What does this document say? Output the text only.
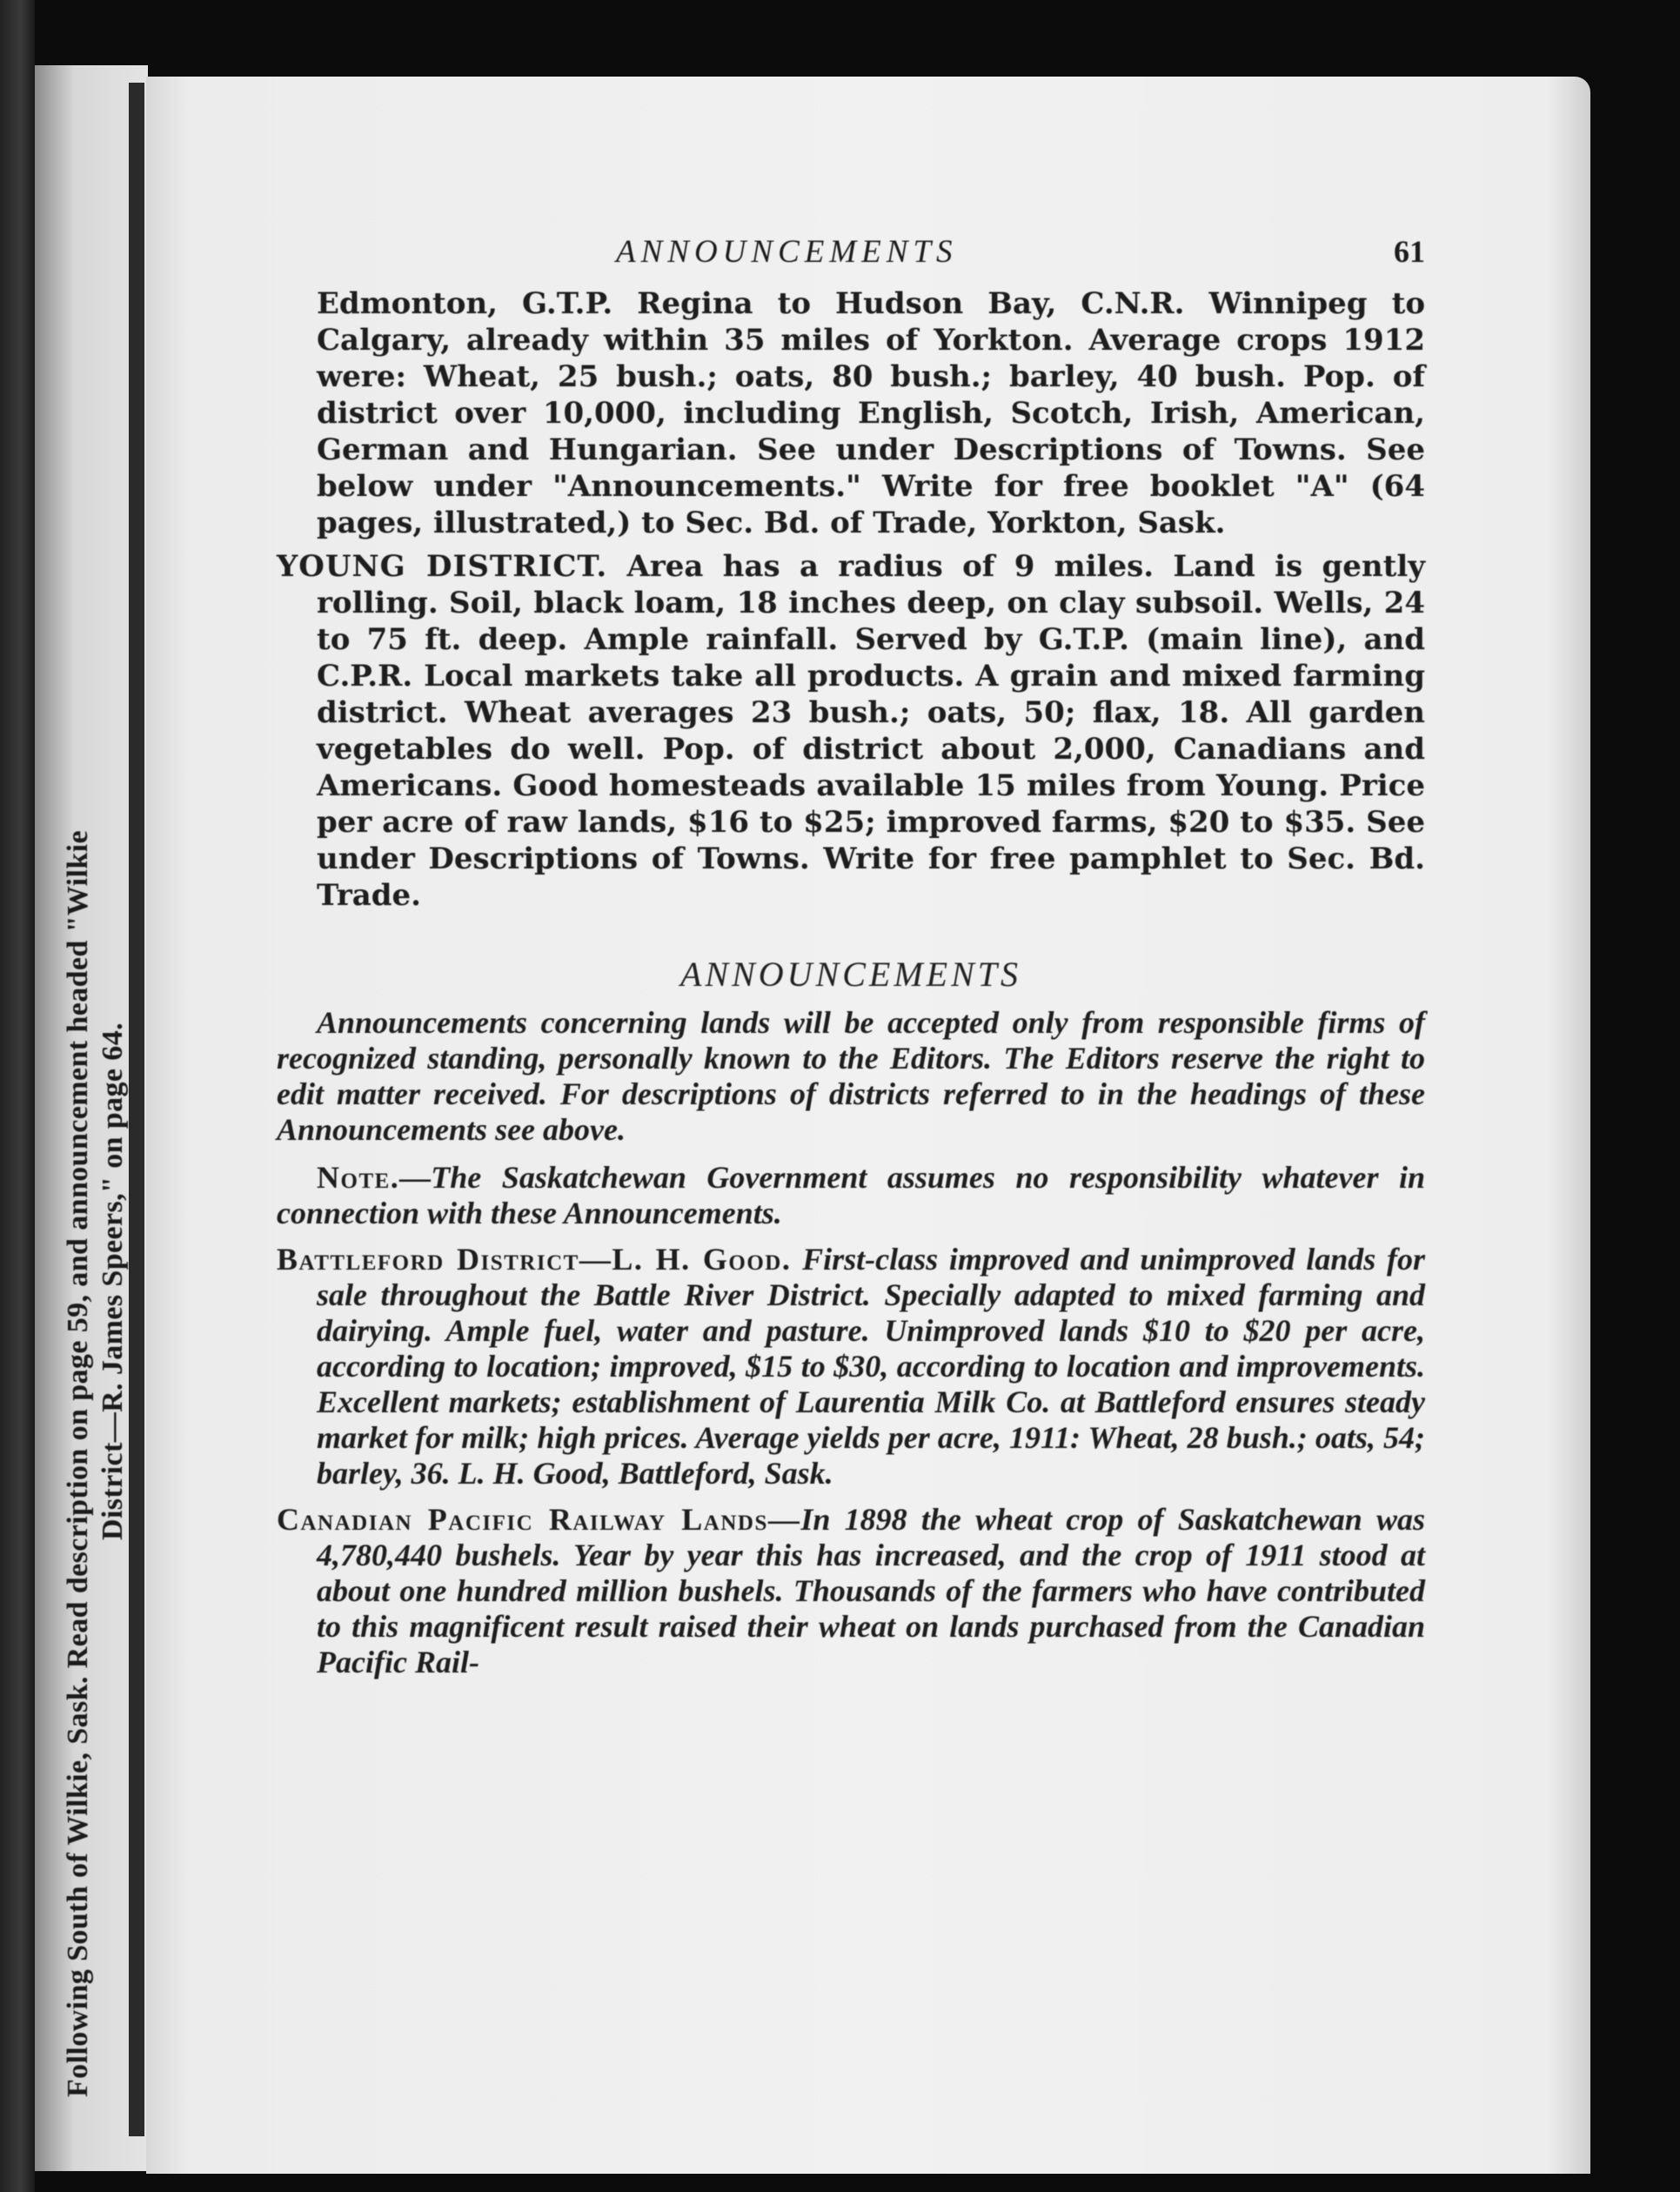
Following South of Wilkie, Sask. Read description on page 59, and announcement headed "Wilkie District—R. James Speers," on page 64.
ANNOUNCEMENTS	61

Edmonton, G.T.P. Regina to Hudson Bay, C.N.R. Winnipeg to Calgary, already within 35 miles of Yorkton. Average crops 1912 were: Wheat, 25 bush.; oats, 80 bush.; barley, 40 bush. Pop. of district over 10,000, including English, Scotch, Irish, American, German and Hungarian. See under Descriptions of Towns. See below under "Announcements." Write for free booklet "A" (64 pages, illustrated,) to Sec. Bd. of Trade, Yorkton, Sask.

YOUNG DISTRICT. Area has a radius of 9 miles. Land is gently rolling. Soil, black loam, 18 inches deep, on clay subsoil. Wells, 24 to 75 ft. deep. Ample rainfall. Served by G.T.P. (main line), and C.P.R. Local markets take all products. A grain and mixed farming district. Wheat averages 23 bush.; oats, 50; flax, 18. All garden vegetables do well. Pop. of district about 2,000, Canadians and Americans. Good homesteads available 15 miles from Young. Price per acre of raw lands, $16 to $25; improved farms, $20 to $35. See under Descriptions of Towns. Write for free pamphlet to Sec. Bd. Trade.

ANNOUNCEMENTS

Announcements concerning lands will be accepted only from responsible firms of recognized standing, personally known to the Editors. The Editors reserve the right to edit matter received. For descriptions of districts referred to in the headings of these Announcements see above.

Note.—The Saskatchewan Government assumes no responsibility whatever in connection with these Announcements.

Battleford District—L. H. Good. First-class improved and unimproved lands for sale throughout the Battle River District. Specially adapted to mixed farming and dairying. Ample fuel, water and pasture. Unimproved lands $10 to $20 per acre, according to location; improved, $15 to $30, according to location and improvements. Excellent markets; establishment of Laurentia Milk Co. at Battleford ensures steady market for milk; high prices. Average yields per acre, 1911: Wheat, 28 bush.; oats, 54; barley, 36. L. H. Good, Battleford, Sask.

Canadian Pacific Railway Lands—In 1898 the wheat crop of Saskatchewan was 4,780,440 bushels. Year by year this has increased, and the crop of 1911 stood at about one hundred million bushels. Thousands of the farmers who have contributed to this magnificent result raised their wheat on lands purchased from the Canadian Pacific Rail-
